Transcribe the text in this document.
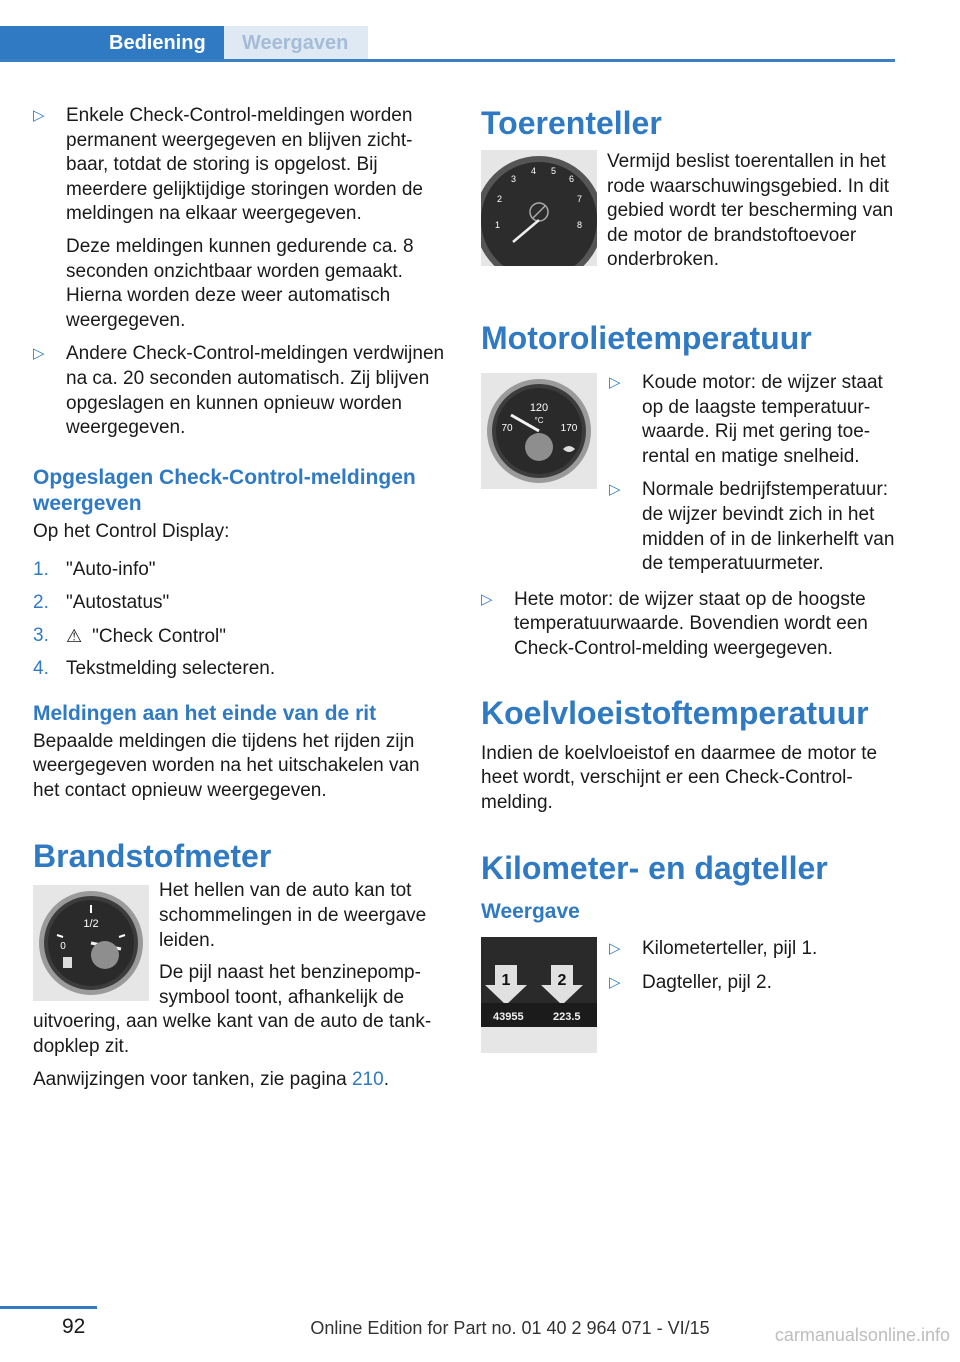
Bediening	Weergaven
▷ Enkele Check-Control-meldingen worden permanent weergegeven en blijven zichtbaar, totdat de storing is opgelost. Bij meerdere gelijktijdige storingen worden de meldingen na elkaar weergegeven.

Deze meldingen kunnen gedurende ca. 8 seconden onzichtbaar worden gemaakt. Hierna worden deze weer automatisch weergegeven.

▷ Andere Check-Control-meldingen verdwijnen na ca. 20 seconden automatisch. Zij blijven opgeslagen en kunnen opnieuw worden weergegeven.

Opgeslagen Check-Control-meldingen weergeven

Op het Control Display:

1. "Auto-info"
2. "Autostatus"
3. ⚠ "Check Control"
4. Tekstmelding selecteren.
Meldingen aan het einde van de rit

Bepaalde meldingen die tijdens het rijden zijn weergegeven worden na het uitschakelen van het contact opnieuw weergegeven.

Brandstofmeter
1/2
0

Het hellen van de auto kan tot schommelingen in de weergave leiden.

De pijl naast het benzinepomp-symbool toont, afhankelijk de uitvoering, aan welke kant van de auto de tankdopklep zit.

Aanwijzingen voor tanken, zie pagina 210.

Toerenteller
1
2
3
4 5
6
7
8

Vermijd beslist toerentallen in het rode waarschuwingsgebied. In dit gebied wordt ter bescherming van de motor de brandstoftoevoer onderbroken.

Motorolietemperatuur
120
°C
70	170
▷ Koude motor: de wijzer staat op de laagste temperatuurwaarde. Rij met gering toerental en matige snelheid.

▷ Normale bedrijfstemperatuur: de wijzer bevindt zich in het midden of in de linkerhelft van de temperatuurmeter.

▷ Hete motor: de wijzer staat op de hoogste temperatuurwaarde. Bovendien wordt een Check-Control-melding weergegeven.

Koelvloeistoftemperatuur

Indien de koelvloeistof en daarmee de motor te heet wordt, verschijnt er een Check-Control-melding.

Kilometer- en dagteller
Weergave
1	2
43955	223.5
▷ Kilometerteller, pijl 1.

▷ Dagteller, pijl 2.

92	Online Edition for Part no. 01 40 2 964 071 - VI/15	carmanualsonline.info
